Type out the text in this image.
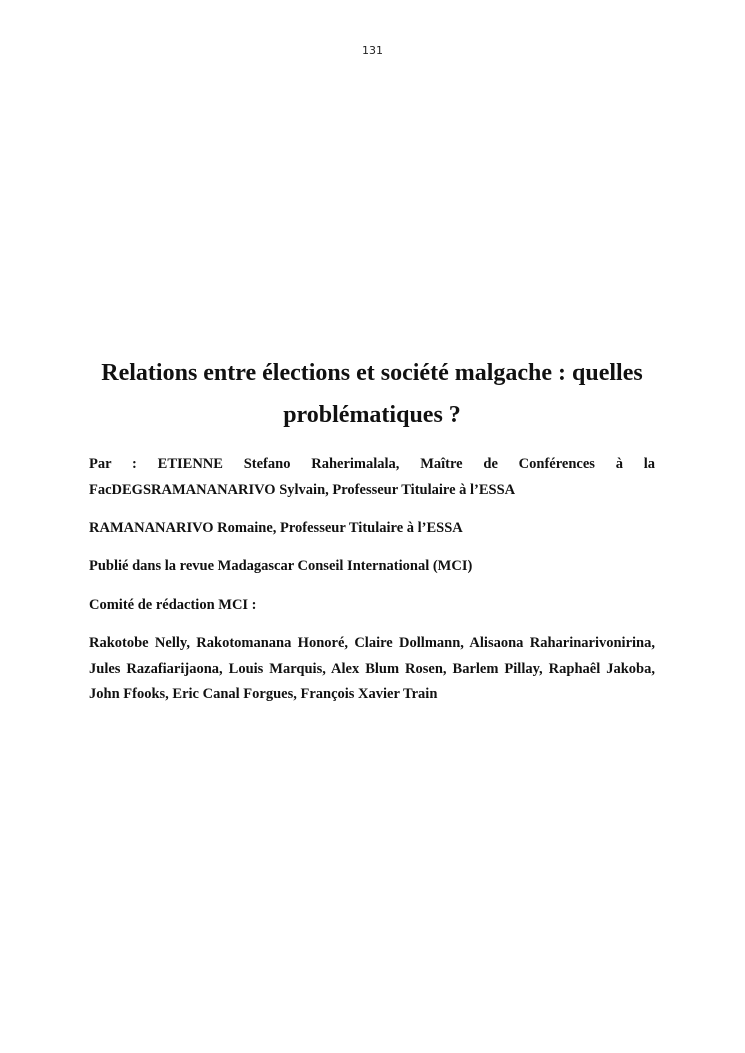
131
Relations entre élections et société malgache : quelles problématiques ?

Par : ETIENNE Stefano Raherimalala, Maître de Conférences à la FacDEGSRAMANANARIVO Sylvain, Professeur Titulaire à l’ESSA

RAMANANARIVO Romaine, Professeur Titulaire à l’ESSA

Publié dans la revue Madagascar Conseil International (MCI)

Comité de rédaction MCI :

Rakotobe Nelly, Rakotomanana Honoré, Claire Dollmann, Alisaona Raharinarivonirina, Jules Razafiarijaona, Louis Marquis, Alex Blum Rosen, Barlem Pillay, Raphaêl Jakoba, John Ffooks, Eric Canal Forgues, François Xavier Train
